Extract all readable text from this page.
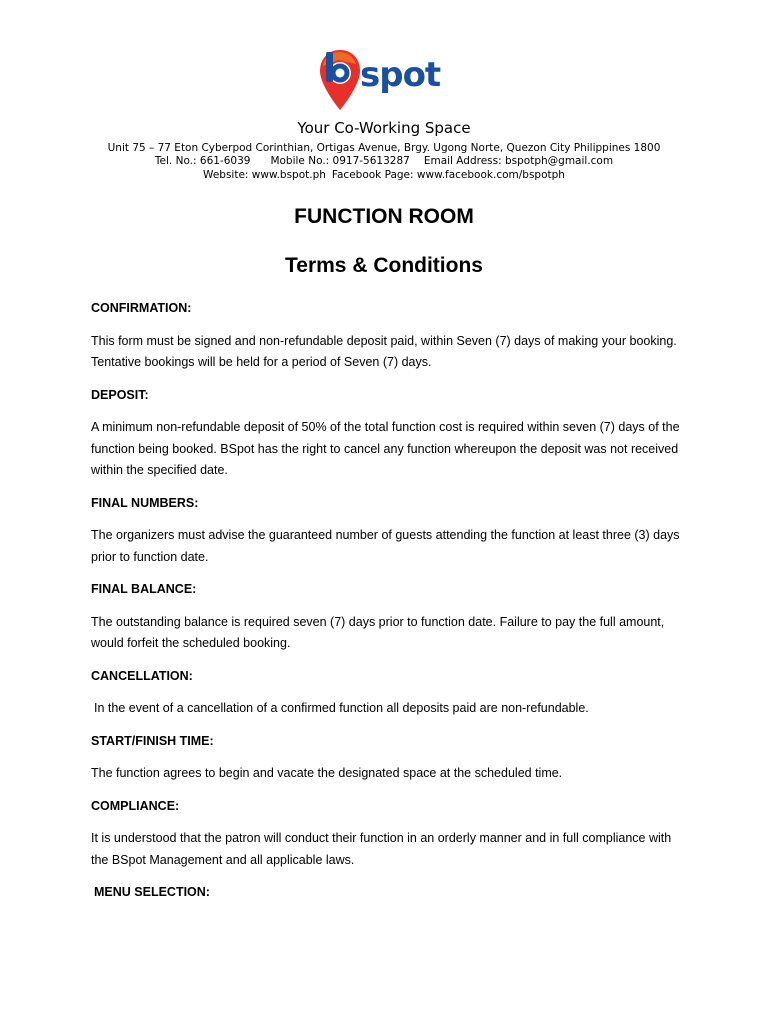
spot
Your Co-Working Space
Unit 75 – 77 Eton Cyberpod Corinthian, Ortigas Avenue, Brgy. Ugong Norte, Quezon City Philippines 1800
Tel. No.: 661-6039 Mobile No.: 0917-5613287 Email Address: bspotph@gmail.com
Website: www.bspot.ph Facebook Page: www.facebook.com/bspotph
FUNCTION ROOM
Terms & Conditions

CONFIRMATION:

This form must be signed and non-refundable deposit paid, within Seven (7) days of making your booking. Tentative bookings will be held for a period of Seven (7) days.

DEPOSIT:

A minimum non-refundable deposit of 50% of the total function cost is required within seven (7) days of the function being booked. BSpot has the right to cancel any function whereupon the deposit was not received within the specified date.

FINAL NUMBERS:

The organizers must advise the guaranteed number of guests attending the function at least three (3) days prior to function date.

FINAL BALANCE:

The outstanding balance is required seven (7) days prior to function date. Failure to pay the full amount, would forfeit the scheduled booking.

CANCELLATION:

In the event of a cancellation of a confirmed function all deposits paid are non-refundable.

START/FINISH TIME:

The function agrees to begin and vacate the designated space at the scheduled time.

COMPLIANCE:

It is understood that the patron will conduct their function in an orderly manner and in full compliance with the BSpot Management and all applicable laws.

MENU SELECTION:
